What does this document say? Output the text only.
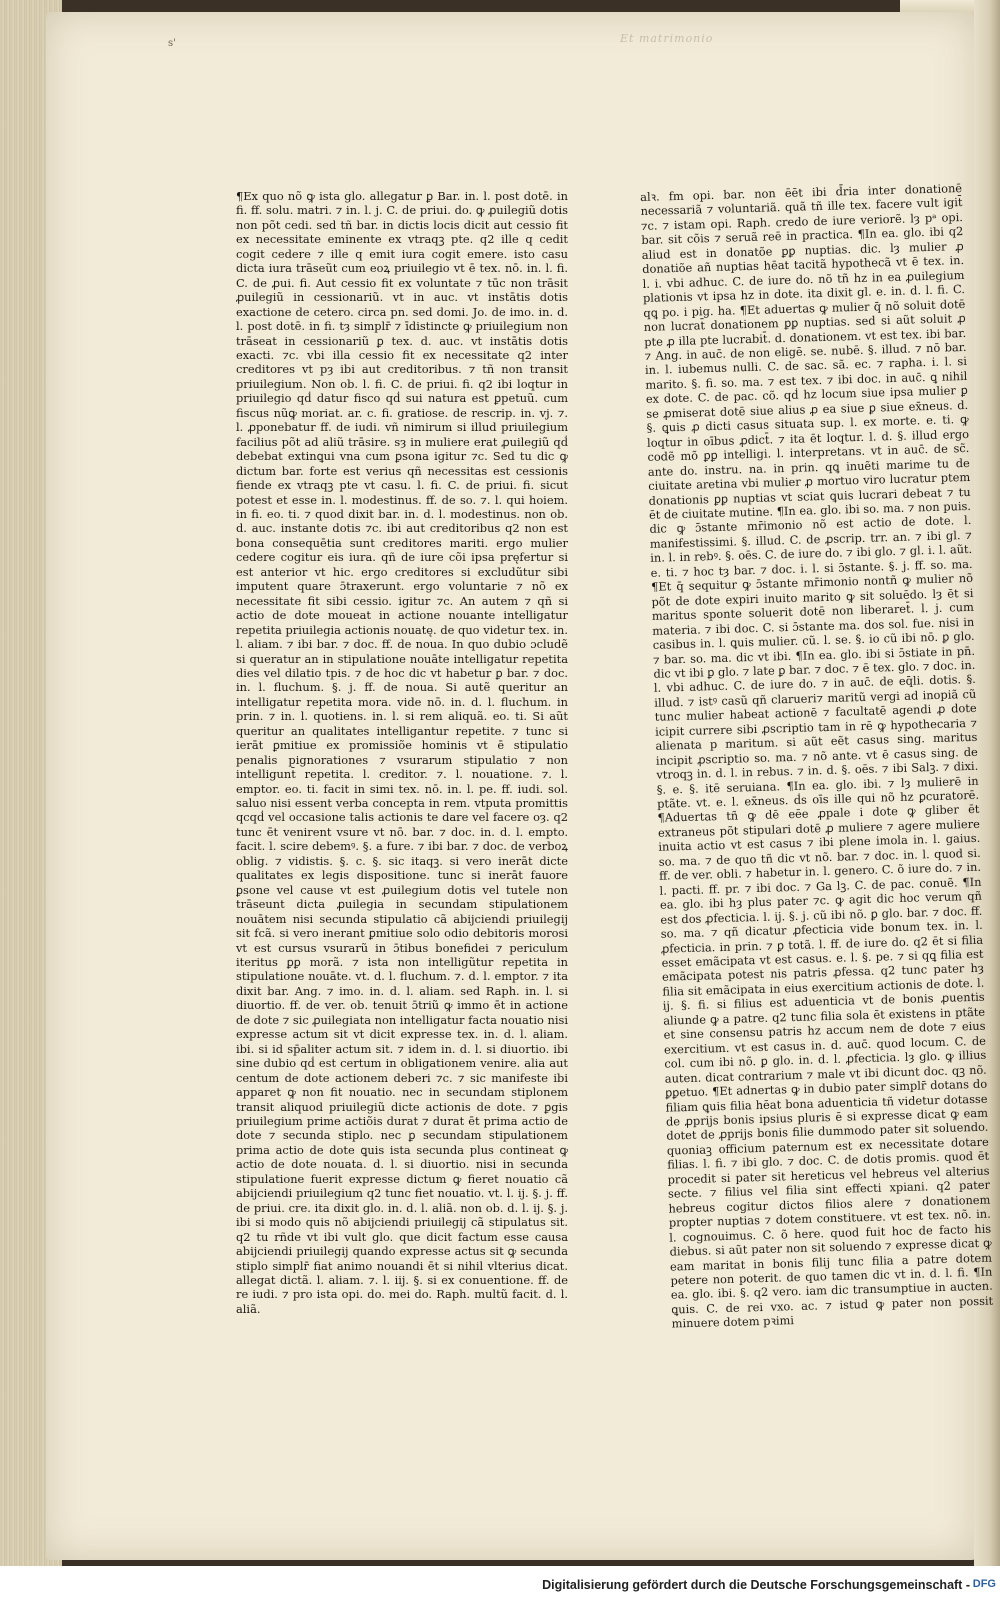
s'	Et matrimonio

¶Ex quo nõ ꝙ ista glo. allegatur ꝑ Bar. in. l. post dotē. in fi. ff. solu. matri. ⁊ in. l. j. C. de priui. do. ꝙ ꝓuilegiũ dotis non põt cedi. sed tñ bar. in dictis locis dicit aut cessio fit ex necessitate eminente ex vtraqꝫ pte. q2 ille q cedit cogit cedere ⁊ ille q emit iura cogit emere. isto casu dicta iura trāseũt cum eoꝝ priuilegio vt ē tex. nō. in. l. fi. C. de ꝓui. fi. Aut cessio fit ex voluntate ⁊ tūc non trāsit ꝓuilegiũ in cessionariũ. vt in auc. vt instātis dotis exactione de cetero. circa pn. sed domi. Jo. de imo. in. d. l. post dotē. in fi. tȝ simplr̄ ⁊ īdistincte ꝙ priuilegium non trāseat in cessionariũ ꝑ tex. d. auc. vt instātis dotis exacti. ⁊c. vbi illa cessio fit ex necessitate q2 inter creditores vt pȝ ibi aut creditoribus. ⁊ tñ non transit priuilegium. Non ob. l. fi. C. de priui. fi. q2 ibi loqtur in priuilegio qḋ datur fisco qḋ sui natura est ꝑpetuũ. cum fiscus nũꝙ moriat. ar. c. fi. gratiose. de rescrip. in. vj. ⁊. l. ꝓponebatur ff. de iudi. vñ nimirum si illud priuilegium facilius põt ad aliũ trāsire. sȝ in muliere erat ꝓuilegiũ qḋ debebat extinꝗui vna cum ꝑsona igitur ⁊c. Sed tu dic ꝙ dictum bar. forte est verius qñ necessitas est cessionis fiende ex vtraqꝫ pte vt casu. l. fi. C. de priui. fi. sicut potest et esse in. l. modestinus. ff. de so. ⁊. l. qui hoiem. in fi. eo. ti. ⁊ quod dixit bar. in. d. l. modestinus. non ob. d. auc. instante dotis ⁊c. ibi aut creditoribus q2 non est bona consequētia sunt creditores mariti. ergo mulier cedere cogitur eis iura. qñ de iure cõi ipsa pręfertur si est anterior vt hic. ergo creditores si excludũtur sibi imputent quare ɔ̄traxerunt. ergo voluntarie ⁊ nõ ex necessitate fit sibi cessio. igitur ⁊c. An autem ⁊ qñ si actio de dote moueat in actione nouante intelligatur repetita priuilegia actionis nouatę. de quo videtur tex. in. l. aliam. ⁊ ibi bar. ⁊ doc. ff. de noua. In quo dubio ɔcludẽ si queratur an in stipulatione nouāte intelligatur repetita dies vel dilatio tpis. ⁊ de hoc dic vt habetur ꝑ bar. ⁊ doc. in. l. fluchum. §. j. ff. de noua. Si autẽ queritur an intelligatur repetita mora. vide nō. in. d. l. fluchum. in prin. ⁊ in. l. quotiens. in. l. si rem aliquã. eo. ti. Si aũt queritur an qualitates intelligantur repetite. ⁊ tunc si ierāt ꝑmitiue ex promissiõe hominis vt ē stipulatio penalis pignorationes ⁊ vsurarum stipulatio ⁊ non intelligunt̄ repetita. l. creditor. ⁊. l. nouatione. ⁊. l. emptor. eo. ti. facit in simi tex. nō. in. l. pe. ff. iudi. sol. saluo nisi essent verba concepta in rem. vtputa promittis qcqḋ vel occasione talis actionis te dare vel facere oȝ. q2 tunc ēt venirent vsure vt nō. bar. ⁊ doc. in. d. l. empto. facit. l. scire debemꝰ. §. a fure. ⁊ ibi bar. ⁊ doc. de verboꝝ oblig. ⁊ vidistis. §. c. §. sic itaqꝫ. si vero inerāt dicte qualitates ex legis dispositione. tunc si inerāt fauore ꝑsone vel cause vt est ꝓuilegium dotis vel tutele non trāseunt dicta ꝓuilegia in secundam stipulationem nouātem nisi secunda stipulatio cã abijciendi priuilegij sit fcã. si vero inerant ꝑmitiue solo odio debitoris morosi vt est cursus vsurarũ in ɔ̄tibus bonefidei ⁊ periculum iteritus ꝑꝑ morã. ⁊ ista non intelligũtur repetita in stipulatione nouāte. vt. d. l. fluchum. ⁊. d. l. emptor. ⁊ ita dixit bar. Ang. ⁊ imo. in. d. l. aliam. sed Raph. in. l. si diuortio. ff. de ver. ob. tenuit ɔ̄triũ ꝙ immo ēt in actione de dote ⁊ sic ꝓuilegiata non intelligatur facta nouatio nisi expresse actum sit vt dicit expresse tex. in. d. l. aliam. ibi. si id sp̄aliter actum sit. ⁊ idem in. d. l. si diuortio. ibi sine dubio qḋ est certum in obligationem venire. alia aut centum de dote actionem deberi ⁊c. ⁊ sic manifeste ibi apparet ꝙ non fit nouatio. nec in secundam stiplonem transit aliquod priuilegiũ dicte actionis de dote. ⁊ ꝑgis priuilegium prime actiõis durat ⁊ durat ēt prima actio de dote ⁊ secunda stiplo. nec ꝑ secundam stipulationem prima actio de dote ꝗuis ista secunda plus contineat ꝙ actio de dote nouata. d. l. si diuortio. nisi in secunda stipulatione fuerit expresse dictum ꝙ fieret nouatio cã abijciendi priuilegium q2 tunc fiet nouatio. vt. l. ij. §. j. ff. de priui. cre. ita dixit glo. in. d. l. aliã. non ob. d. l. ij. §. j. ibi si modo quis nõ abijciendi priuilegij cã stipulatus sit. q2 tu rñde vt ibi vult glo. que dicit factum esse causa abijciendi priuilegij quando expresse actus sit ꝙ secunda stiplo simplr̄ fiat animo nouandi ēt si nihil vlterius dicat. allegat dictã. l. aliam. ⁊. l. iij. §. si ex conuentione. ff. de re iudi. ⁊ pro ista opi. do. mei do. Raph. multũ facit. d. l. aliã.

alꝛ. fm opi. bar. non ēēt ibi d̄ria inter donationē necessariã ⁊ voluntariã. quã tñ ille tex. facere vult igit̄ ⁊c. ⁊ istam opi. Raph. credo de iure veriorẽ. lȝ pᵃ opi. bar. sit cõis ⁊ seruã reē in practica. ¶In ea. glo. ibi q2 aliud est in donatõe ꝑꝑ nuptias. dic. lȝ mulier ꝓ donatiõe añ nuptias hēat tacitã hypothecã vt ē tex. in. l. i. vbi adhuc. C. de iure do. nõ tñ hz in ea ꝓuilegium plationis vt ipsa hz in dote. ita dixit gl. e. in. d. l. fi. C. qꝗ po. i pig. ha. ¶Et aduertas ꝙ mulier q̄ nõ soluit dotē non lucrat̄ donationem ꝑꝑ nuptias. sed si aũt soluit ꝓ pte ꝓ illa pte lucrabit̄. d. donationem. vt est tex. ibi bar. ⁊ Ang. in auc̄. de non eligē. se. nubē. §. illud. ⁊ nō bar. in. l. iubemus nulli. C. de sac. sã. ec. ⁊ rapha. i. l. si marito. §. fi. so. ma. ⁊ est tex. ⁊ ibi doc. in auc̄. ꝗ nihil ex dote. C. de pac. cõ. qḋ hz locum siue ipsa mulier ꝑ se ꝓmiserat dotē siue alius ꝓ ea siue ꝑ siue ex̄neus. d. §. ꝗuis ꝓ dicti casus situata sup. l. ex morte. e. ti. ꝙ loqtur in oībus ꝓdict̄. ⁊ ita ēt loqtur. l. d. §. illud ergo codẽ mõ ꝑꝑ intelligi. l. interpretans. vt in auc̄. de sc̃. ante do. instru. na. in prin. qꝗ inuẽti marime tu de ciuitate aretina vbi mulier ꝓ mortuo viro lucratur ptem donationis ꝑꝑ nuptias vt sciat ꝗuis lucrari debeat ⁊ tu ēt de ciuitate mutine. ¶In ea. glo. ibi so. ma. ⁊ non puis. dic ꝙ ɔ̄stante mr̄imonio nõ est actio de dote. l. manifestissimi. §. illud. C. de ꝓscrip. trr. an. ⁊ ibi gl. ⁊ in. l. in rebꝰ. §. oēs. C. de iure do. ⁊ ibi glo. ⁊ gl. i. l. aũt. e. ti. ⁊ hoc tȝ bar. ⁊ doc. i. l. si ɔ̄stante. §. j. ff. so. ma. ¶Et q̄ sequitur ꝙ ɔ̄stante mr̄imonio nontñ ꝙ mulier nõ põt de dote expiri inuito marito ꝙ sit soluēdo. lȝ ēt si maritus sponte soluerit dotē non liberaret̄. l. j. cum materia. ⁊ ibi doc. C. si ɔ̄stante ma. dos sol. fue. nisi in casibus in. l. ꝗuis mulier. cũ. l. se. §. io cũ ibi nō. ꝑ glo. ⁊ bar. so. ma. dic vt ibi. ¶In ea. glo. ibi si ɔ̄stiate in pn̄. dic vt ibi ꝑ glo. ⁊ late ꝑ bar. ⁊ doc. ⁊ ē tex. glo. ⁊ doc. in. l. vbi adhuc. C. de iure do. ⁊ in auc̄. de eq̄li. dotis. §. illud. ⁊ istꝰ casũ qñ clarueri⁊ maritũ vergi ad inopiã cũ tunc mulier habeat actionē ⁊ facultatē agendi ꝓ dote icipit currere sibi ꝓscriptio tam in rē ꝙ hypothecaria ⁊ alienata p maritum. si aũt eẽt casus sing. maritus incipit ꝓscriptio so. ma. ⁊ nõ ante. vt ē casus sing. de vtroqꝫ in. d. l. in rebus. ⁊ in. d. §. oēs. ⁊ ibi Salꝫ. ⁊ dixi. §. e. §. itē seruiana. ¶In ea. glo. ibi. ⁊ lȝ mulierē in ptãte. vt. e. l. ex̄neus. ḋs oīs ille qui nõ hz ꝑcuratorē. ¶Aduertas tñ ꝙ dē eēe ꝓpale i dote ꝙ gliber ēt extraneus põt stipulari dotē ꝓ muliere ⁊ agere muliere inuita actio vt est casus ⁊ ibi plene imola in. l. gaius. so. ma. ⁊ de quo tñ dic vt nõ. bar. ⁊ doc. in. l. quod si. ff. de ver. obli. ⁊ habetur in. l. genero. C. õ iure do. ⁊ in. l. pacti. ff. pr. ⁊ ibi doc. ⁊ Ga lꝫ. C. de pac. conuẽ. ¶In ea. glo. ibi hȝ plus pater ⁊c. ꝙ agit dic hoc verum qñ est dos ꝓfecticia. l. ij. §. j. cũ ibi nõ. ꝑ glo. bar. ⁊ doc. ff. so. ma. ⁊ qñ dicatur ꝓfecticia vide bonum tex. in. l. ꝓfecticia. in prin. ⁊ ꝑ totã. l. ff. de iure do. q2 ēt si filia esset emãcipata vt est casus. e. l. §. pe. ⁊ si qꝗ filia est emãcipata potest nis patris ꝓfessa. q2 tunc pater hȝ filia sit emãcipata in eius exercitium actionis de dote. l. ij. §. fi. si filius est aduenticia vt de bonis ꝓuentis aliunde ꝙ a patre. q2 tunc filia sola ēt existens in ptãte et sine consensu patris hz accum nem de dote ⁊ eius exercitium. vt est casus in. d. auc̄. quod locum. C. de col. cum ibi nõ. ꝑ glo. in. d. l. ꝓfecticia. lȝ glo. ꝙ illius auten. dicat contrarium ⁊ male vt ibi dicunt doc. qꝫ nõ. ꝑꝑetuo. ¶Et adnertas ꝙ in dubio pater simplr̄ dotans do filiam ꝗuis filia hēat bona aduenticia tñ videtur dotasse de ꝓprijs bonis ipsius pluris ē si expresse dicat ꝙ eam dotet de ꝓprijs bonis filie dummodo pater sit soluendo. quoniaꝫ officium paternum est ex necessitate dotare filias. l. fi. ⁊ ibi glo. ⁊ doc. C. de dotis promis. quod ēt procedit si pater sit hereticus vel hebreus vel alterius secte. ⁊ filius vel filia sint effecti xpiani. q2 pater hebreus cogitur dictos filios alere ⁊ donationem propter nuptias ⁊ dotem constituere. vt est tex. nõ. in. l. cognouimus. C. õ here. quod fuit hoc de facto his diebus. si aũt pater non sit soluendo ⁊ expresse dicat ꝙ eam maritat in bonis filij tunc filia a patre dotem petere non poterit. de quo tamen dic vt in. d. l. fi. ¶In ea. glo. ibi. §. q2 vero. iam dic transumptiue in aucten. ꝗuis. C. de rei vxo. ac. ⁊ istud ꝙ pater non possit minuere dotem pꝛimi

Digitalisierung gefördert durch die Deutsche Forschungsgemeinschaft - DFG
